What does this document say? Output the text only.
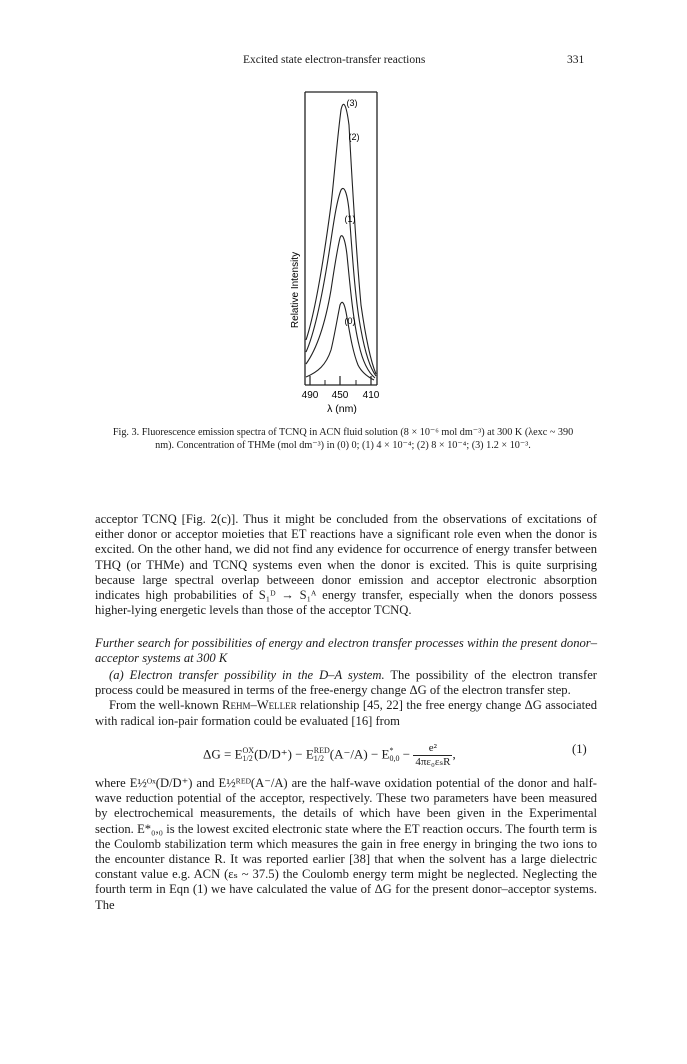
Excited state electron-transfer reactions	331
490 450 410
λ (nm)
Relative Intensity
(3)
(2)
(1)
(0)
Fig. 3. Fluorescence emission spectra of TCNQ in ACN fluid solution (8 × 10⁻⁶ mol dm⁻³) at 300 K (λexc ~ 390 nm). Concentration of THMe (mol dm⁻³) in (0) 0; (1) 4 × 10⁻⁴; (2) 8 × 10⁻⁴; (3) 1.2 × 10⁻³.

acceptor TCNQ [Fig. 2(c)]. Thus it might be concluded from the observations of excitations of either donor or acceptor moieties that ET reactions have a significant role even when the donor is excited. On the other hand, we did not find any evidence for occurrence of energy transfer between THQ (or THMe) and TCNQ systems even when the donor is excited. This is quite surprising because large spectral overlap betweeen donor emission and acceptor electronic absorption indicates high probabilities of S₁ᴰ → S₁ᴬ energy transfer, especially when the donors possess higher-lying energetic levels than those of the acceptor TCNQ.

Further search for possibilities of energy and electron transfer processes within the present donor–acceptor systems at 300 K

(a) Electron transfer possibility in the D–A system. The possibility of the electron transfer process could be measured in terms of the free-energy change ΔG of the electron transfer step.

From the well-known Rehm–Weller relationship [45, 22] the free energy change ΔG associated with radical ion-pair formation could be evaluated [16] from

ΔG = E OX
1/2 (D/D⁺) − E RED
1/2 (A⁻/A) − E *
0,0 −	e²
4πε₀εₛR
,	(1)

where E½ᴼˣ(D/D⁺) and E½ᴿᴱᴰ(A⁻/A) are the half-wave oxidation potential of the donor and half-wave reduction potential of the acceptor, respectively. These two parameters have been measured by electrochemical measurements, the details of which have been given in the Experimental section. E*₀,₀ is the lowest excited electronic state where the ET reaction occurs. The fourth term is the Coulomb stabilization term which measures the gain in free energy in bringing the two ions to the encounter distance R. It was reported earlier [38] that when the solvent has a large dielectric constant value e.g. ACN (εₛ ~ 37.5) the Coulomb energy term might be neglected. Neglecting the fourth term in Eqn (1) we have calculated the value of ΔG for the present donor–acceptor systems. The
